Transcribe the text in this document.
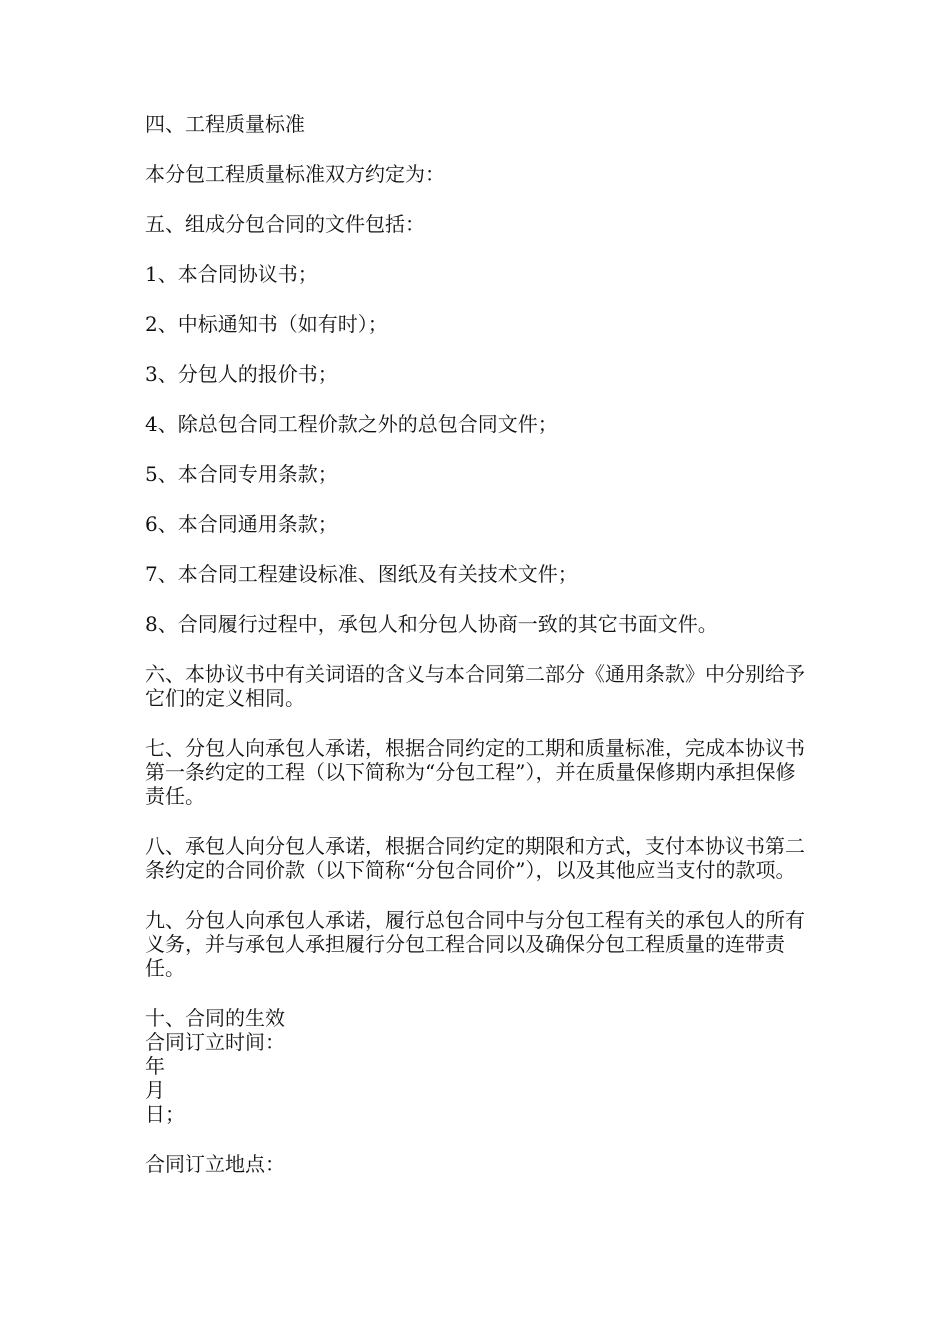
四、工程质量标准

本分包工程质量标准双方约定为：

五、组成分包合同的文件包括：

1、本合同协议书；

2、中标通知书（如有时）；

3、分包人的报价书；

4、除总包合同工程价款之外的总包合同文件；

5、本合同专用条款；

6、本合同通用条款；

7、本合同工程建设标准、图纸及有关技术文件；

8、合同履行过程中，承包人和分包人协商一致的其它书面文件。

六、本协议书中有关词语的含义与本合同第二部分《通用条款》中分别给予它们的定义相同。

七、分包人向承包人承诺，根据合同约定的工期和质量标准，完成本协议书第一条约定的工程（以下简称为“分包工程”），并在质量保修期内承担保修责任。

八、承包人向分包人承诺，根据合同约定的期限和方式，支付本协议书第二条约定的合同价款（以下简称“分包合同价”），以及其他应当支付的款项。

九、分包人向承包人承诺，履行总包合同中与分包工程有关的承包人的所有义务，并与承包人承担履行分包工程合同以及确保分包工程质量的连带责任。

十、合同的生效

合同订立时间：

年

月

日；

合同订立地点：
